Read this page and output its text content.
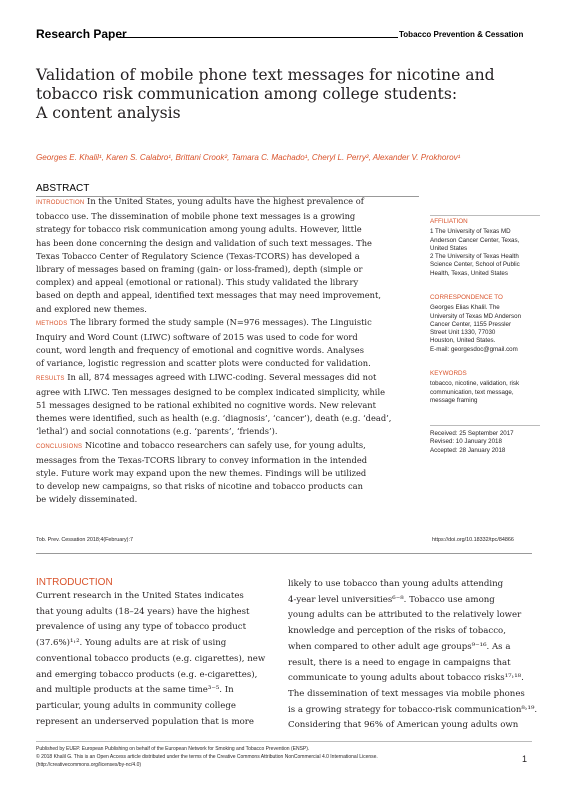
Research Paper	Tobacco Prevention & Cessation
Validation of mobile phone text messages for nicotine and
tobacco risk communication among college students:
A content analysis
Georges E. Khalil¹, Karen S. Calabro¹, Brittani Crook², Tamara C. Machado¹, Cheryl L. Perry², Alexander V. Prokhorov¹
ABSTRACT

INTRODUCTION In the United States, young adults have the highest prevalence of

tobacco use. The dissemination of mobile phone text messages is a growing

strategy for tobacco risk communication among young adults. However, little

has been done concerning the design and validation of such text messages. The

Texas Tobacco Center of Regulatory Science (Texas-TCORS) has developed a

library of messages based on framing (gain- or loss-framed), depth (simple or

complex) and appeal (emotional or rational). This study validated the library

based on depth and appeal, identified text messages that may need improvement,

and explored new themes.

METHODS The library formed the study sample (N=976 messages). The Linguistic

Inquiry and Word Count (LIWC) software of 2015 was used to code for word

count, word length and frequency of emotional and cognitive words. Analyses

of variance, logistic regression and scatter plots were conducted for validation.

RESULTS In all, 874 messages agreed with LIWC-coding. Several messages did not

agree with LIWC. Ten messages designed to be complex indicated simplicity, while

51 messages designed to be rational exhibited no cognitive words. New relevant

themes were identified, such as health (e.g. ‘diagnosis’, ‘cancer’), death (e.g. ‘dead’,

‘lethal’) and social connotations (e.g. ‘parents’, ‘friends’).

CONCLUSIONS Nicotine and tobacco researchers can safely use, for young adults,

messages from the Texas-TCORS library to convey information in the intended

style. Future work may expand upon the new themes. Findings will be utilized

to develop new campaigns, so that risks of nicotine and tobacco products can

be widely disseminated.

AFFILIATION

1 The University of Texas MD

Anderson Cancer Center, Texas,

United States

2 The University of Texas Health

Science Center, School of Public

Health, Texas, United States

CORRESPONDENCE TO

Georges Elias Khalil. The

University of Texas MD Anderson

Cancer Center, 1155 Pressler

Street Unit 1330, 77030

Houston, United States.

E-mail: georgesdoc@gmail.com

KEYWORDS

tobacco, nicotine, validation, risk

communication, text message,

message framing

Received: 25 September 2017

Revised: 10 January 2018

Accepted: 28 January 2018

Tob. Prev. Cessation 2018;4(February):7	https://doi.org/10.18332/tpc/84866
INTRODUCTION
Current research in the United States indicates
that young adults (18–24 years) have the highest
prevalence of using any type of tobacco product
(37.6%)¹˒². Young adults are at risk of using
conventional tobacco products (e.g. cigarettes), new
and emerging tobacco products (e.g. e-cigarettes),
and multiple products at the same time³⁻⁵. In
particular, young adults in community college
represent an underserved population that is more
likely to use tobacco than young adults attending
4-year level universities⁶⁻⁸. Tobacco use among
young adults can be attributed to the relatively lower
knowledge and perception of the risks of tobacco,
when compared to other adult age groups⁹⁻¹⁶. As a
result, there is a need to engage in campaigns that
communicate to young adults about tobacco risks¹⁷˒¹⁸.
The dissemination of text messages via mobile phones
is a growing strategy for tobacco-risk communication⁸˒¹⁹.
Considering that 96% of American young adults own
Published by EUEP. European Publishing on behalf of the European Network for Smoking and Tobacco Prevention (ENSP).
© 2018 Khalil G. This is an Open Access article distributed under the terms of the Creative Commons Attribution NonCommercial 4.0 International License.
(http://creativecommons.org/licenses/by-nc/4.0)
1
